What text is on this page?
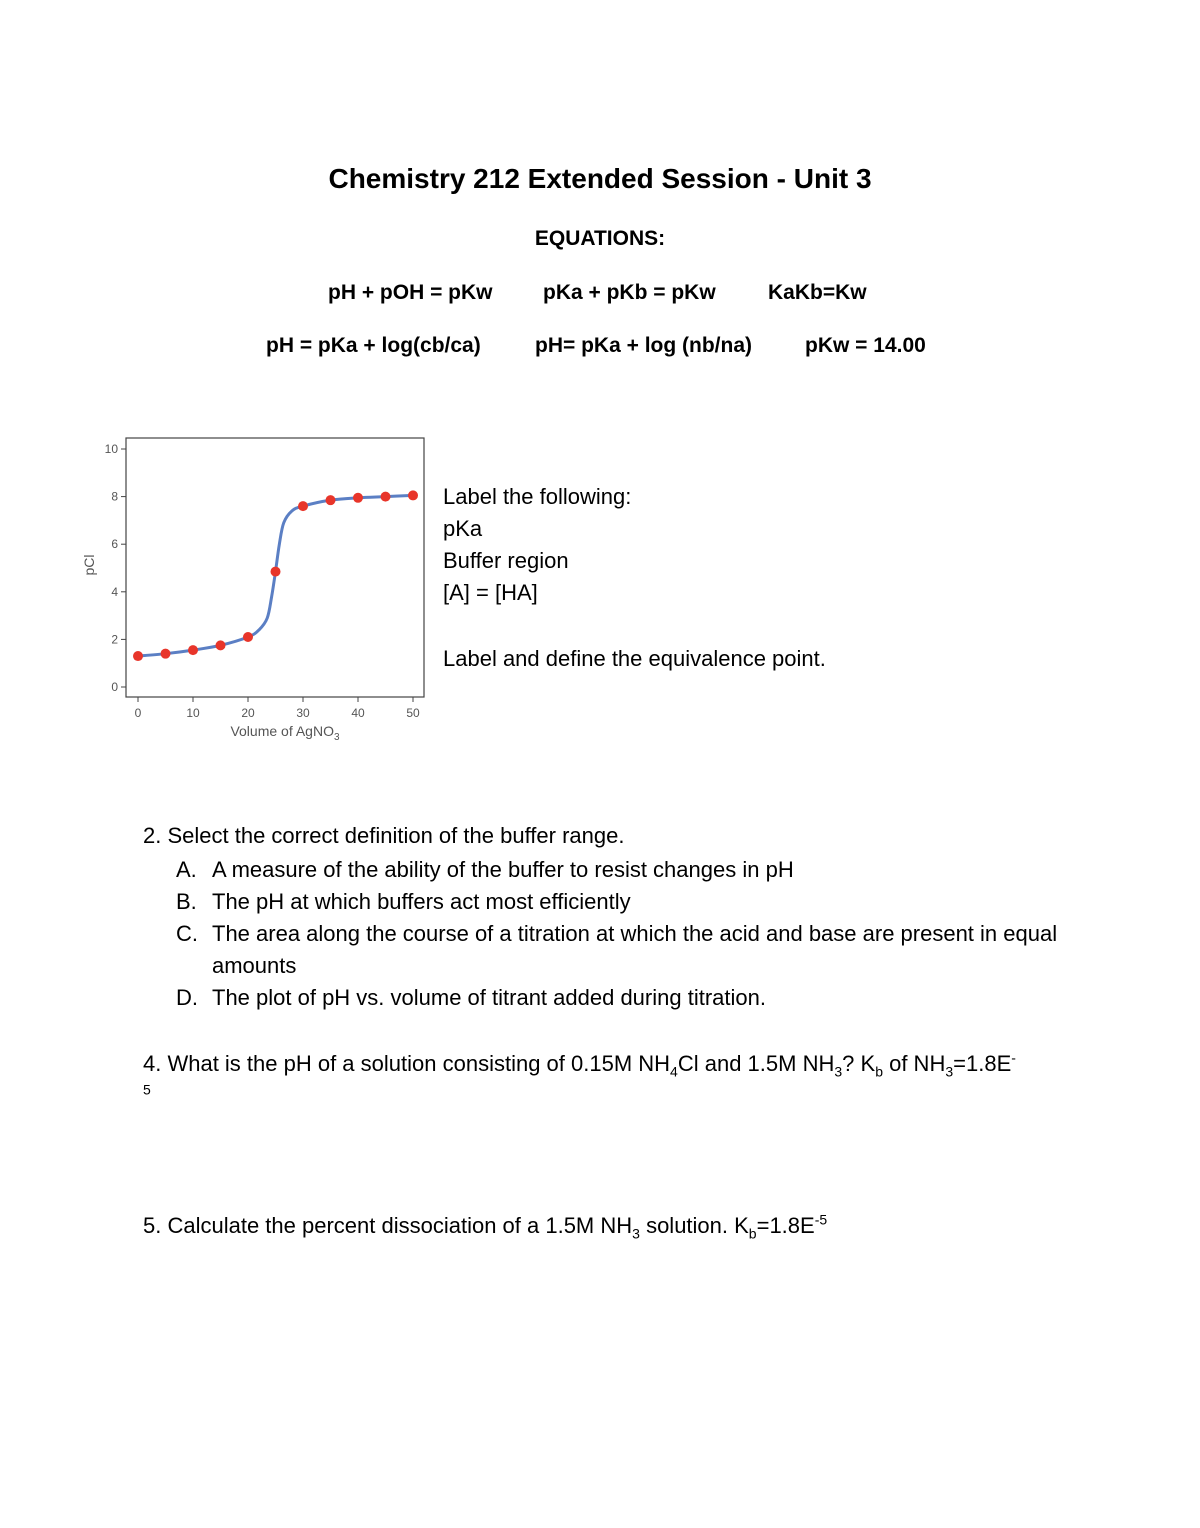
Chemistry 212 Extended Session - Unit 3
EQUATIONS:
pH + pOH = pKw pKa + pKb = pKw KaKb=Kw
pH = pKa + log(cb/ca)	pH= pKa + log (nb/na)	pKw = 14.00
0
2
4
6
8
10
0	10	20	30	40	50
pCl
Volume of AgNO$_3$
Label the following:
pKa
Buffer region
[A] = [HA]
Label and define the equivalence point.
2. Select the correct definition of the buffer range.
A. A measure of the ability of the buffer to resist changes in pH
B. The pH at which buffers act most efficiently
C. The area along the course of a titration at which the acid and base are present in equal amounts
D. The plot of pH vs. volume of titrant added during titration.
4. What is the pH of a solution consisting of 0.15M $NH_4Cl$ and 1.5M $NH_3$? $K_b$ of $NH_3=1.8E^{-5}$
5. Calculate the percent dissociation of a 1.5M $NH_3$ solution. $K_b=1.8E^{-5}$
